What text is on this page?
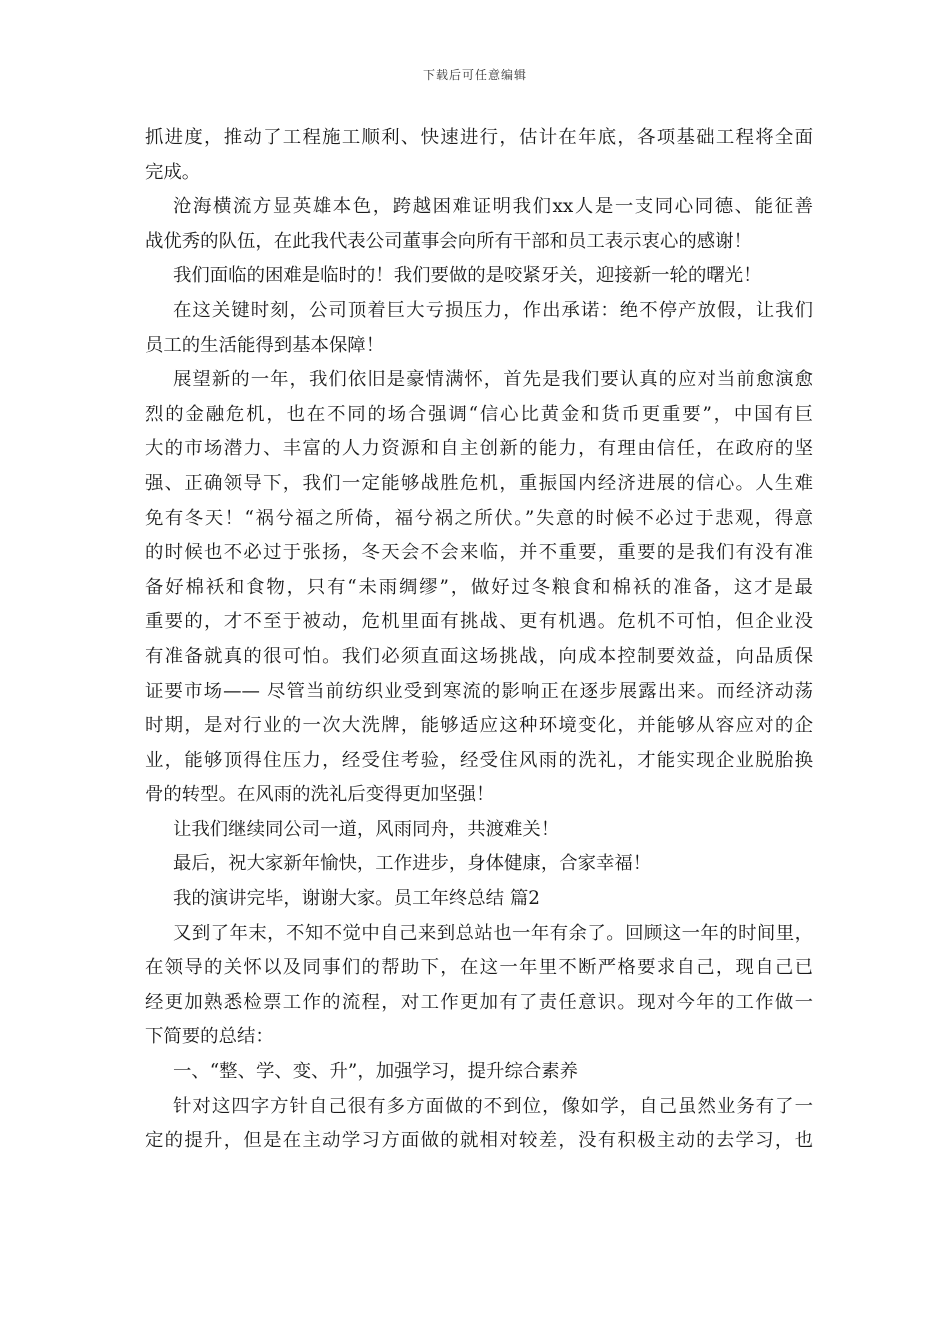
下载后可任意编辑
抓进度，推动了工程施工顺利、快速进行，估计在年底，各项基础工程将全面
完成。
沧海横流方显英雄本色，跨越困难证明我们xx人是一支同心同德、能征善
战优秀的队伍，在此我代表公司董事会向所有干部和员工表示衷心的感谢！
我们面临的困难是临时的！我们要做的是咬紧牙关，迎接新一轮的曙光！
在这关键时刻，公司顶着巨大亏损压力，作出承诺：绝不停产放假，让我们
员工的生活能得到基本保障！
展望新的一年，我们依旧是豪情满怀，首先是我们要认真的应对当前愈演愈
烈的金融危机，也在不同的场合强调“信心比黄金和货币更重要”，中国有巨
大的市场潜力、丰富的人力资源和自主创新的能力，有理由信任，在政府的坚
强、正确领导下，我们一定能够战胜危机，重振国内经济进展的信心。人生难
免有冬天！“祸兮福之所倚，福兮祸之所伏。”失意的时候不必过于悲观，得意
的时候也不必过于张扬，冬天会不会来临，并不重要，重要的是我们有没有准
备好棉袄和食物，只有“未雨绸缪”，做好过冬粮食和棉袄的准备，这才是最
重要的，才不至于被动，危机里面有挑战、更有机遇。危机不可怕，但企业没
有准备就真的很可怕。我们必须直面这场挑战，向成本控制要效益，向品质保
证要市场—— 尽管当前纺织业受到寒流的影响正在逐步展露出来。而经济动荡
时期，是对行业的一次大洗牌，能够适应这种环境变化，并能够从容应对的企
业，能够顶得住压力，经受住考验，经受住风雨的洗礼，才能实现企业脱胎换
骨的转型。在风雨的洗礼后变得更加坚强！
让我们继续同公司一道，风雨同舟，共渡难关！
最后，祝大家新年愉快，工作进步，身体健康，合家幸福！
我的演讲完毕，谢谢大家。员工年终总结 篇2
又到了年末，不知不觉中自己来到总站也一年有余了。回顾这一年的时间里，
在领导的关怀以及同事们的帮助下，在这一年里不断严格要求自己，现自己已
经更加熟悉检票工作的流程，对工作更加有了责任意识。现对今年的工作做一
下简要的总结：
一、“整、学、变、升”，加强学习，提升综合素养
针对这四字方针自己很有多方面做的不到位，像如学，自己虽然业务有了一
定的提升，但是在主动学习方面做的就相对较差，没有积极主动的去学习，也
